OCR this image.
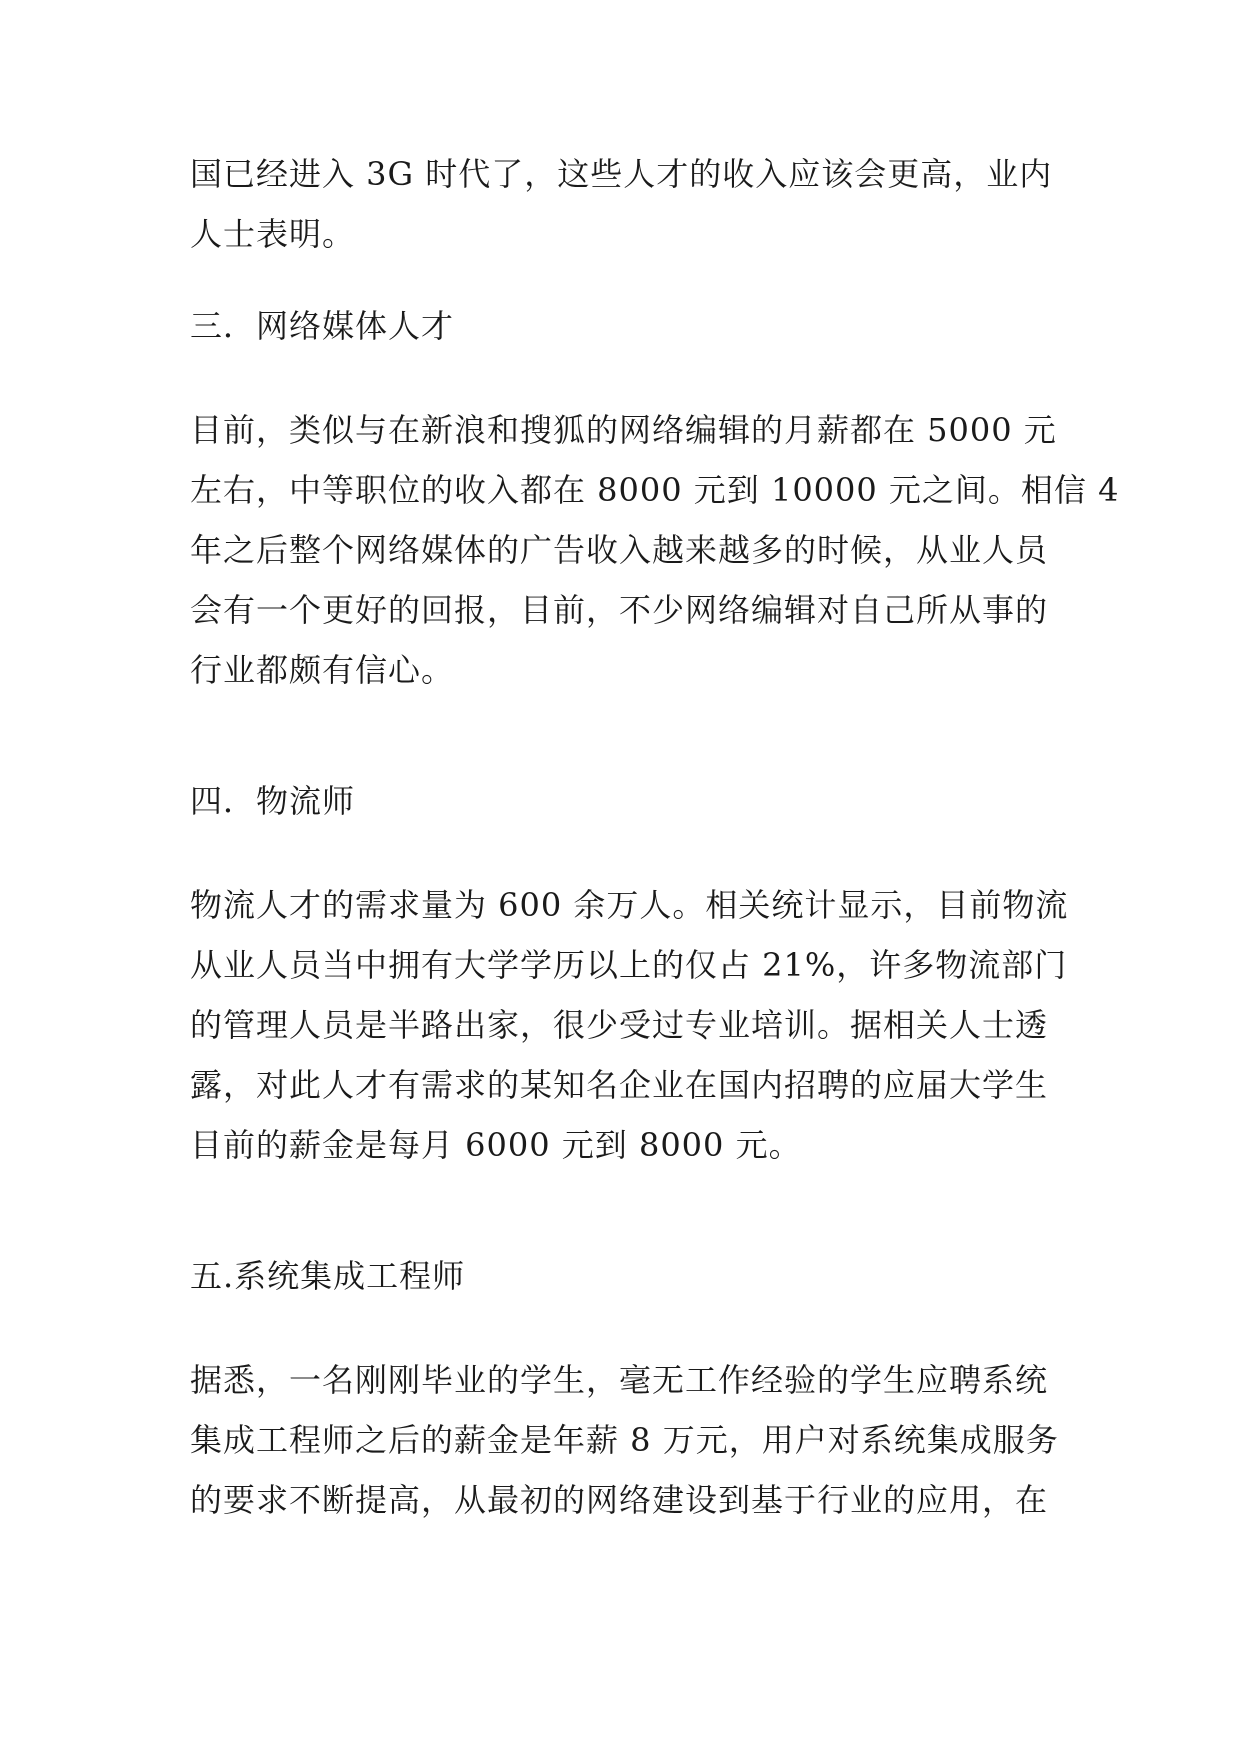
国已经进入 3G 时代了，这些人才的收入应该会更高，业内
人士表明。
三．网络媒体人才
目前，类似与在新浪和搜狐的网络编辑的月薪都在 5000 元
左右，中等职位的收入都在 8000 元到 10000 元之间。相信 4
年之后整个网络媒体的广告收入越来越多的时候，从业人员
会有一个更好的回报，目前，不少网络编辑对自己所从事的
行业都颇有信心。
四．物流师
物流人才的需求量为 600 余万人。相关统计显示，目前物流
从业人员当中拥有大学学历以上的仅占 21%，许多物流部门
的管理人员是半路出家，很少受过专业培训。据相关人士透
露，对此人才有需求的某知名企业在国内招聘的应届大学生
目前的薪金是每月 6000 元到 8000 元。
五.系统集成工程师
据悉，一名刚刚毕业的学生，毫无工作经验的学生应聘系统
集成工程师之后的薪金是年薪 8 万元，用户对系统集成服务
的要求不断提高，从最初的网络建设到基于行业的应用，在
